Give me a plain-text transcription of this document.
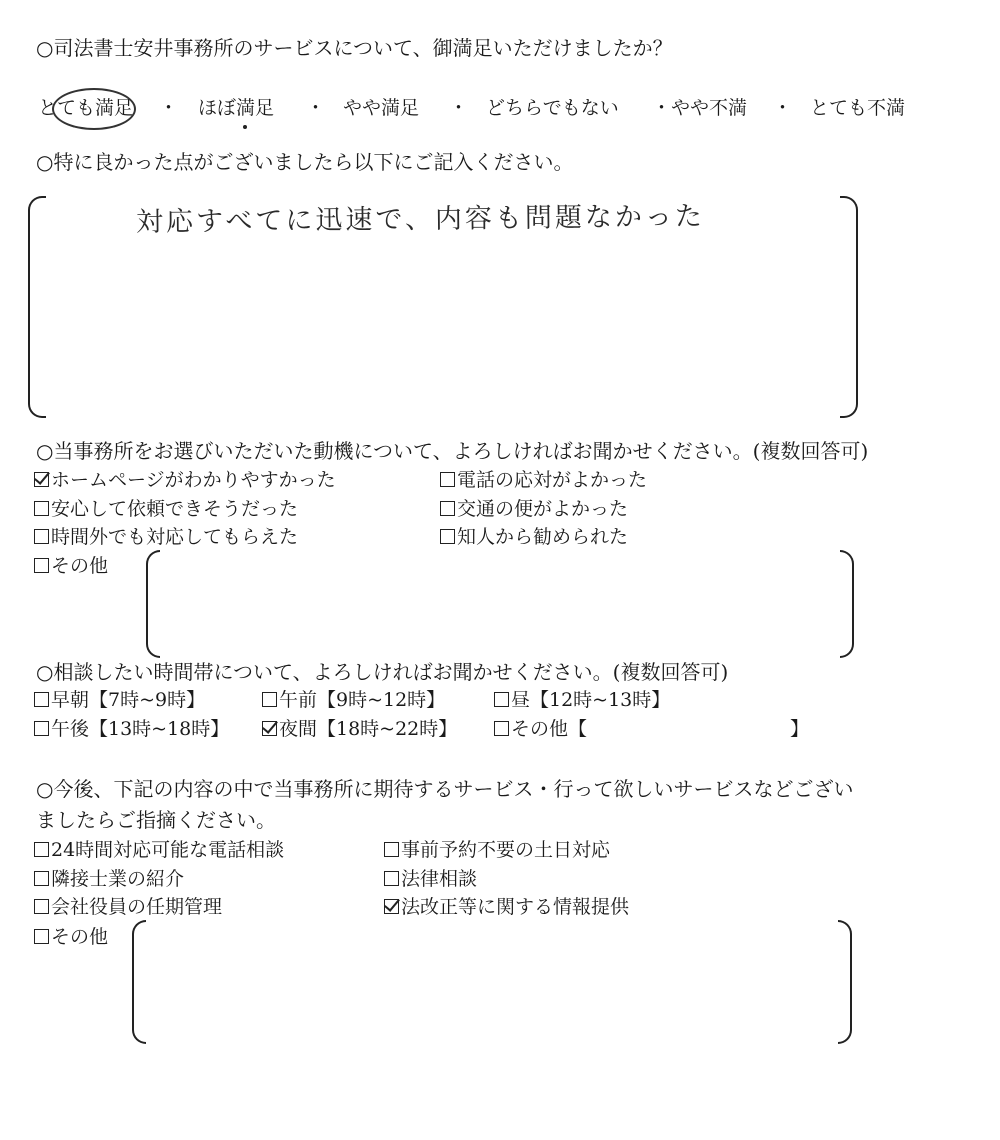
○司法書士安井事務所のサービスについて、御満足いただけましたか？
とても満足 ・ ほぼ満足 ・ やや満足 ・ どちらでもない ・やや不満 ・ とても不満
○特に良かった点がございましたら以下にご記入ください。
対応すべてに迅速で、内容も問題なかった
○当事務所をお選びいただいた動機について、よろしければお聞かせください。(複数回答可)
ホームページがわかりやすかった	電話の応対がよかった
安心して依頼できそうだった	交通の便がよかった
時間外でも対応してもらえた	知人から勧められた
その他
○相談したい時間帯について、よろしければお聞かせください。(複数回答可)
早朝【7時~9時】	午前【9時~12時】	昼【12時~13時】
午後【13時~18時】	夜間【18時~22時】	その他【	】
○今後、下記の内容の中で当事務所に期待するサービス・行って欲しいサービスなどござい
ましたらご指摘ください。
24時間対応可能な電話相談	事前予約不要の土日対応
隣接士業の紹介	法律相談
会社役員の任期管理	法改正等に関する情報提供
その他
